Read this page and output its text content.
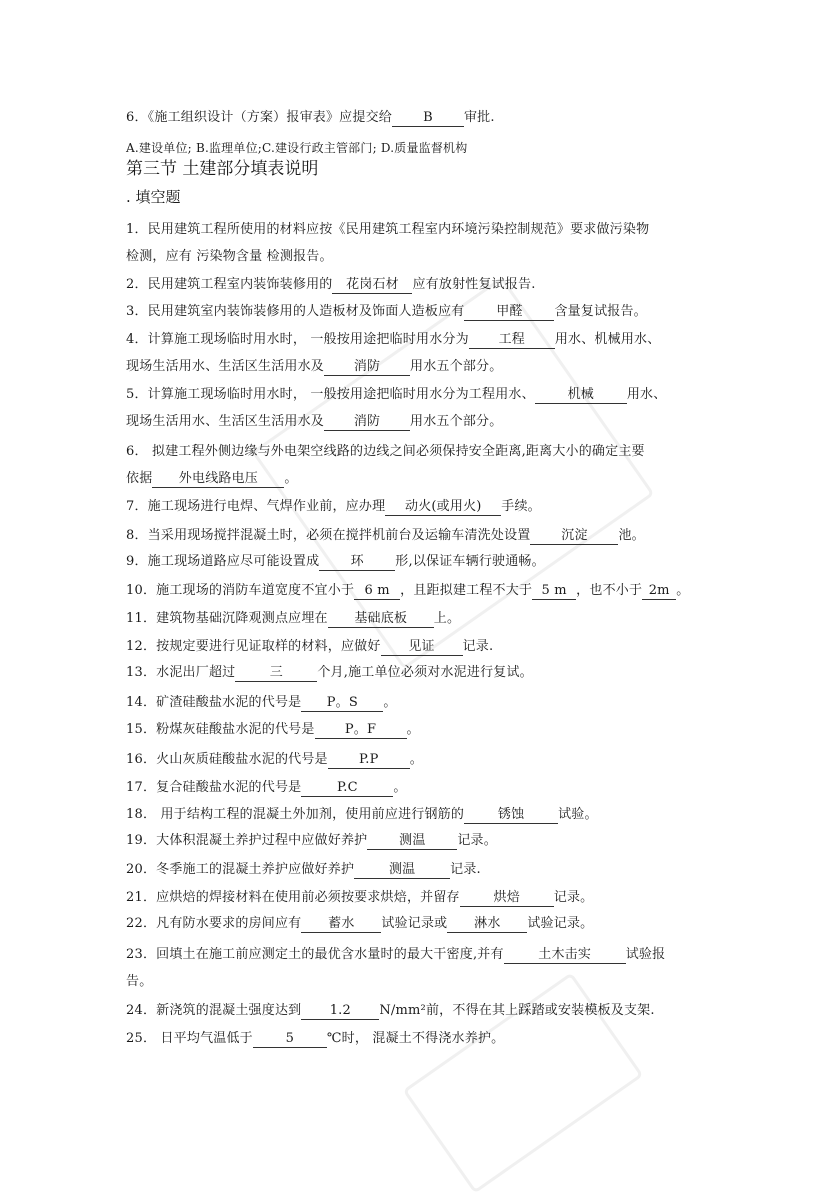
6．《施工组织设计（方案）报审表》应提交给 B 审批.
A.建设单位; B.监理单位;C.建设行政主管部门; D.质量监督机构
第三节 土建部分填表说明
. 填空题
1．民用建筑工程所使用的材料应按《民用建筑工程室内环境污染控制规范》要求做污染物
检测，应有 污染物含量 检测报告。
2．民用建筑工程室内装饰装修用的 花岗石材 应有放射性复试报告.
3．民用建筑室内装饰装修用的人造板材及饰面人造板应有 甲醛 含量复试报告。
4．计算施工现场临时用水时， 一般按用途把临时用水分为 工程 用水、机械用水、
现场生活用水、生活区生活用水及 消防 用水五个部分。
5．计算施工现场临时用水时， 一般按用途把临时用水分为工程用水、	机械	用水、
现场生活用水、生活区生活用水及 消防 用水五个部分。
6． 拟建工程外侧边缘与外电架空线路的边线之间必须保持安全距离,距离大小的确定主要
依据 外电线路电压 。
7．施工现场进行电焊、气焊作业前，应办理 动火(或用火) 手续。
8．当采用现场搅拌混凝土时，必须在搅拌机前台及运输车清洗处设置 沉淀 池。
9．施工现场道路应尽可能设置成 环 形,以保证车辆行驶通畅。
10．施工现场的消防车道宽度不宜小于 6 m ，且距拟建工程不大于 5 m ，也不小于 2m 。
11．建筑物基础沉降观测点应埋在 基础底板 上。
12．按规定要进行见证取样的材料，应做好 见证 记录.
13．水泥出厂超过	三	个月,施工单位必须对水泥进行复试。
14．矿渣硅酸盐水泥的代号是 P。S 。
15．粉煤灰硅酸盐水泥的代号是 P。F 。
16．火山灰质硅酸盐水泥的代号是 P.P 。
17．复合硅酸盐水泥的代号是	P.C	。
18． 用于结构工程的混凝土外加剂，使用前应进行钢筋的	锈蚀	试验。
19．大体积混凝土养护过程中应做好养护 测温 记录。
20．冬季施工的混凝土养护应做好养护	测温	记录.
21．应烘焙的焊接材料在使用前必须按要求烘焙，并留存	烘焙	记录。
22．凡有防水要求的房间应有 蓄水 试验记录或 淋水 试验记录。
23．回填土在施工前应测定土的最优含水量时的最大干密度,并有	土木击实	试验报
告。
24．新浇筑的混凝土强度达到 1.2 N/mm²前，不得在其上踩踏或安装模板及支架.
25． 日平均气温低于	5	℃时， 混凝土不得浇水养护。
